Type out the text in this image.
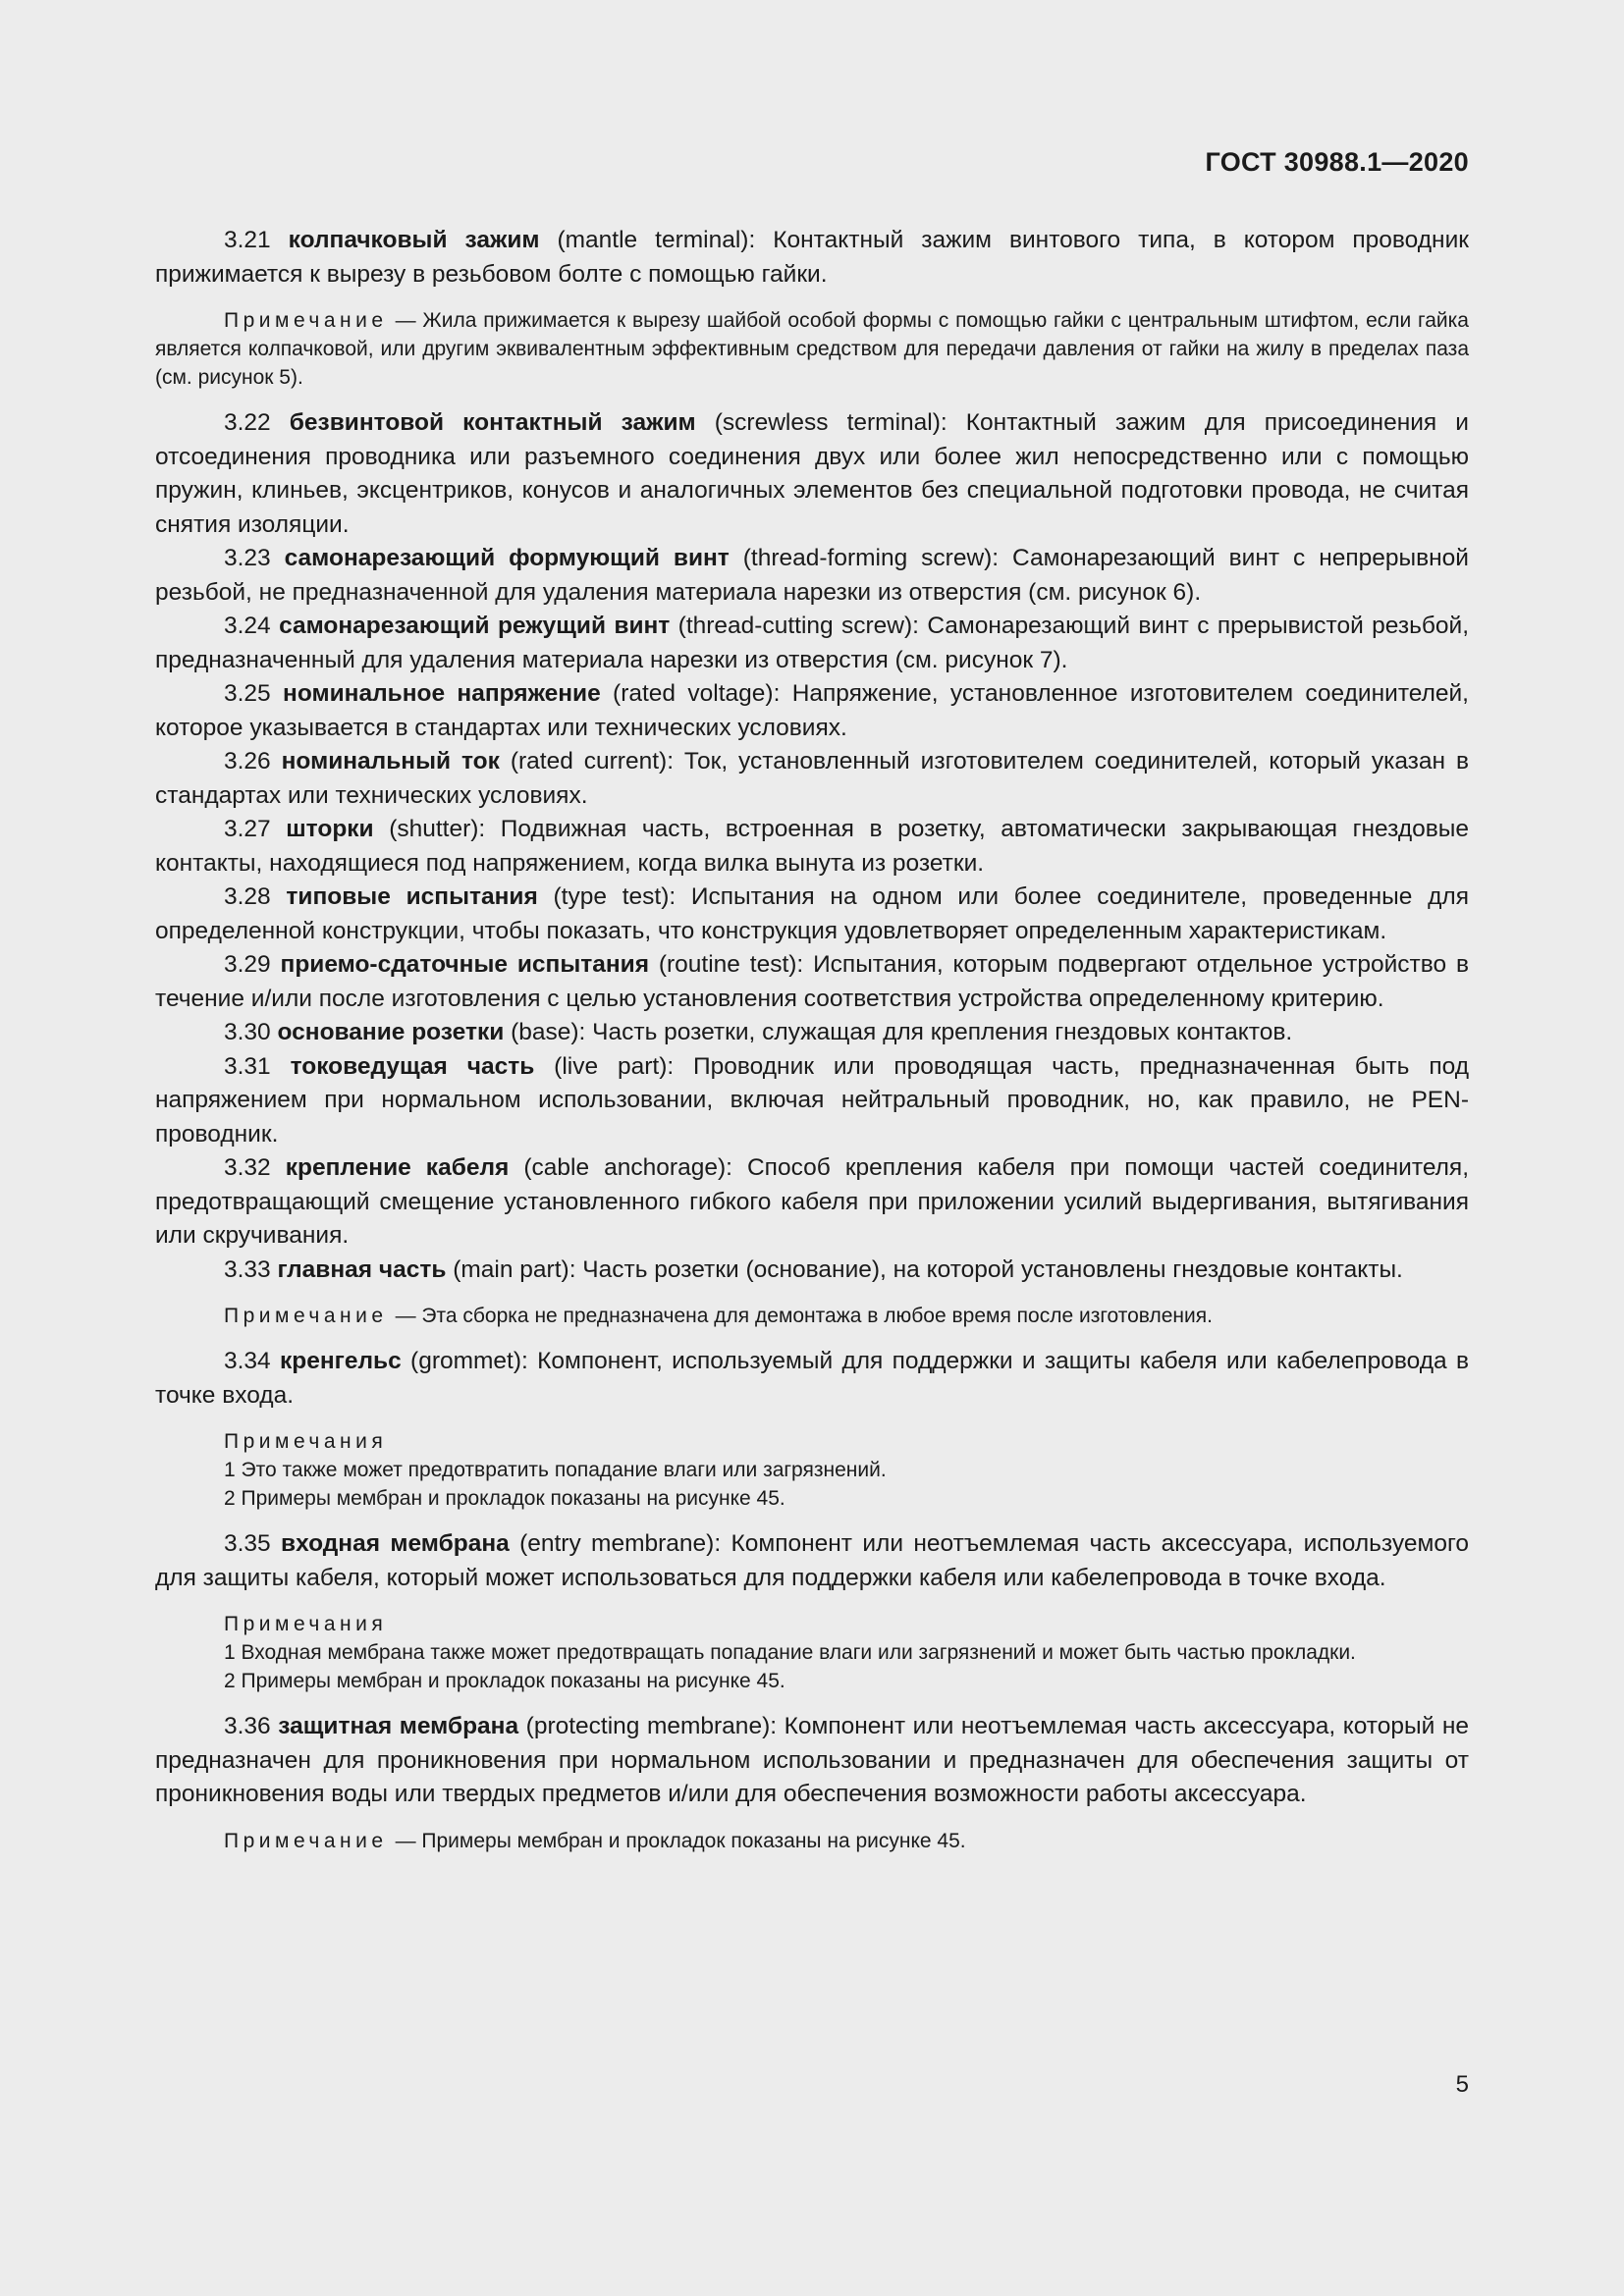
ГОСТ 30988.1—2020

3.21 колпачковый зажим (mantle terminal): Контактный зажим винтового типа, в котором проводник прижимается к вырезу в резьбовом болте с помощью гайки.

Примечание — Жила прижимается к вырезу шайбой особой формы с помощью гайки с центральным штифтом, если гайка является колпачковой, или другим эквивалентным эффективным средством для передачи давления от гайки на жилу в пределах паза (см. рисунок 5).

3.22 безвинтовой контактный зажим (screwless terminal): Контактный зажим для присоединения и отсоединения проводника или разъемного соединения двух или более жил непосредственно или с помощью пружин, клиньев, эксцентриков, конусов и аналогичных элементов без специальной подготовки провода, не считая снятия изоляции.

3.23 самонарезающий формующий винт (thread-forming screw): Самонарезающий винт с непрерывной резьбой, не предназначенной для удаления материала нарезки из отверстия (см. рисунок 6).

3.24 самонарезающий режущий винт (thread-cutting screw): Самонарезающий винт с прерывистой резьбой, предназначенный для удаления материала нарезки из отверстия (см. рисунок 7).

3.25 номинальное напряжение (rated voltage): Напряжение, установленное изготовителем соединителей, которое указывается в стандартах или технических условиях.

3.26 номинальный ток (rated current): Ток, установленный изготовителем соединителей, который указан в стандартах или технических условиях.

3.27 шторки (shutter): Подвижная часть, встроенная в розетку, автоматически закрывающая гнездовые контакты, находящиеся под напряжением, когда вилка вынута из розетки.

3.28 типовые испытания (type test): Испытания на одном или более соединителе, проведенные для определенной конструкции, чтобы показать, что конструкция удовлетворяет определенным характеристикам.

3.29 приемо-сдаточные испытания (routine test): Испытания, которым подвергают отдельное устройство в течение и/или после изготовления с целью установления соответствия устройства определенному критерию.

3.30 основание розетки (base): Часть розетки, служащая для крепления гнездовых контактов.

3.31 токоведущая часть (live part): Проводник или проводящая часть, предназначенная быть под напряжением при нормальном использовании, включая нейтральный проводник, но, как правило, не PEN-проводник.

3.32 крепление кабеля (cable anchorage): Способ крепления кабеля при помощи частей соединителя, предотвращающий смещение установленного гибкого кабеля при приложении усилий выдергивания, вытягивания или скручивания.

3.33 главная часть (main part): Часть розетки (основание), на которой установлены гнездовые контакты.

Примечание — Эта сборка не предназначена для демонтажа в любое время после изготовления.

3.34 кренгельс (grommet): Компонент, используемый для поддержки и защиты кабеля или кабелепровода в точке входа.

Примечания

1 Это также может предотвратить попадание влаги или загрязнений.

2 Примеры мембран и прокладок показаны на рисунке 45.

3.35 входная мембрана (entry membrane): Компонент или неотъемлемая часть аксессуара, используемого для защиты кабеля, который может использоваться для поддержки кабеля или кабелепровода в точке входа.

Примечания

1 Входная мембрана также может предотвращать попадание влаги или загрязнений и может быть частью прокладки.

2 Примеры мембран и прокладок показаны на рисунке 45.

3.36 защитная мембрана (protecting membrane): Компонент или неотъемлемая часть аксессуара, который не предназначен для проникновения при нормальном использовании и предназначен для обеспечения защиты от проникновения воды или твердых предметов и/или для обеспечения возможности работы аксессуара.

Примечание — Примеры мембран и прокладок показаны на рисунке 45.

5
